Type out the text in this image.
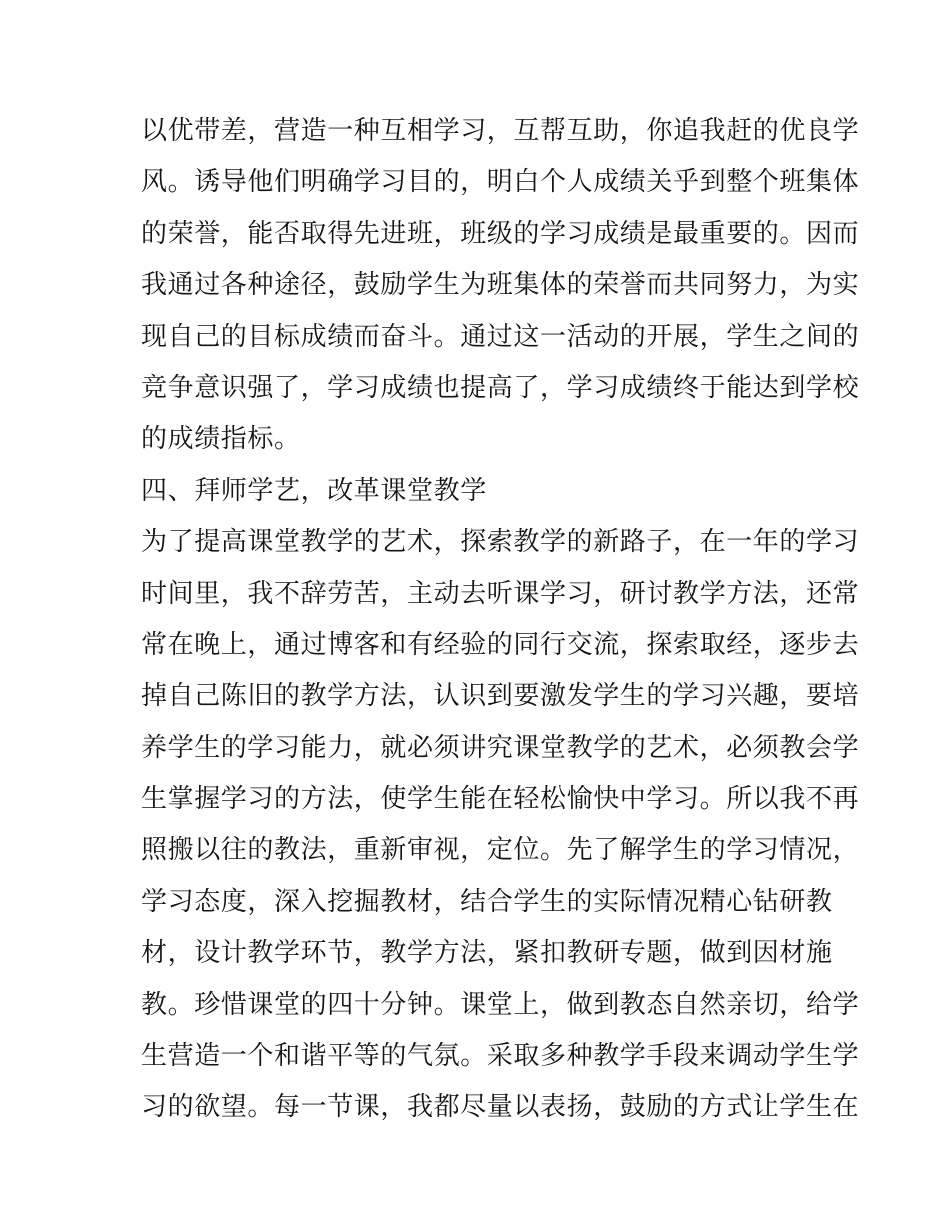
以优带差，营造一种互相学习，互帮互助，你追我赶的优良学
风。诱导他们明确学习目的，明白个人成绩关乎到整个班集体
的荣誉，能否取得先进班，班级的学习成绩是最重要的。因而
我通过各种途径，鼓励学生为班集体的荣誉而共同努力，为实
现自己的目标成绩而奋斗。通过这一活动的开展，学生之间的
竞争意识强了，学习成绩也提高了，学习成绩终于能达到学校
的成绩指标。
四、拜师学艺，改革课堂教学
为了提高课堂教学的艺术，探索教学的新路子，在一年的学习
时间里，我不辞劳苦，主动去听课学习，研讨教学方法，还常
常在晚上，通过博客和有经验的同行交流，探索取经，逐步去
掉自己陈旧的教学方法，认识到要激发学生的学习兴趣，要培
养学生的学习能力，就必须讲究课堂教学的艺术，必须教会学
生掌握学习的方法，使学生能在轻松愉快中学习。所以我不再
照搬以往的教法，重新审视，定位。先了解学生的学习情况，
学习态度，深入挖掘教材，结合学生的实际情况精心钻研教
材，设计教学环节，教学方法，紧扣教研专题，做到因材施
教。珍惜课堂的四十分钟。课堂上，做到教态自然亲切，给学
生营造一个和谐平等的气氛。采取多种教学手段来调动学生学
习的欲望。每一节课，我都尽量以表扬，鼓励的方式让学生在
